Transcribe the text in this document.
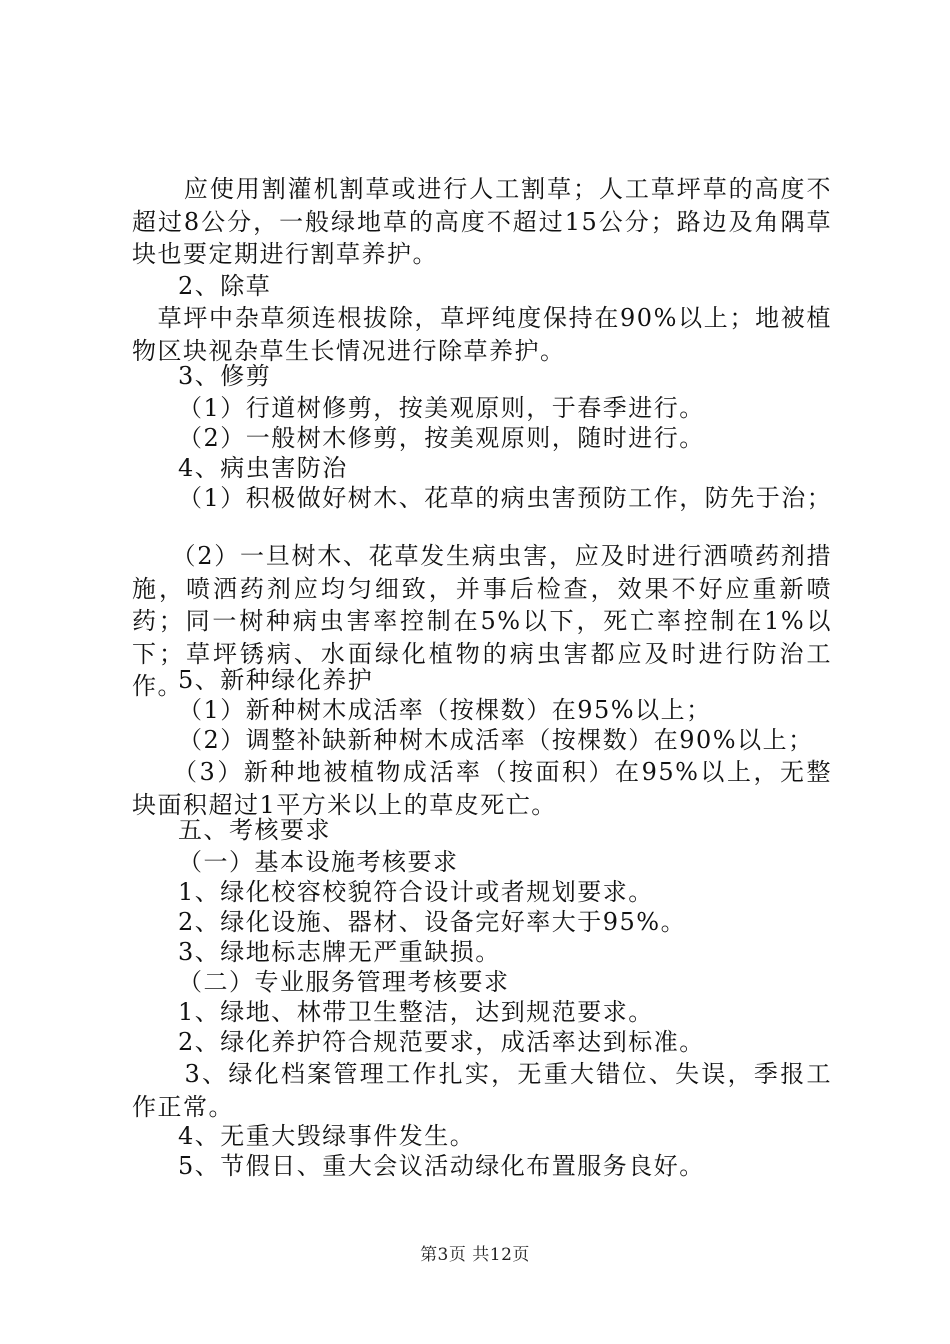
　　应使用割灌机割草或进行人工割草；人工草坪草的高度不超过8公分，一般绿地草的高度不超过15公分；路边及角隅草块也要定期进行割草养护。

2、除草

　草坪中杂草须连根拔除，草坪纯度保持在90%以上；地被植物区块视杂草生长情况进行除草养护。

3、修剪

（1）行道树修剪，按美观原则，于春季进行。

（2）一般树木修剪，按美观原则，随时进行。

4、病虫害防治

（1）积极做好树木、花草的病虫害预防工作，防先于治；

　　（2）一旦树木、花草发生病虫害，应及时进行洒喷药剂措施，喷洒药剂应均匀细致，并事后检查，效果不好应重新喷药；同一树种病虫害率控制在5%以下，死亡率控制在1%以下；草坪锈病、水面绿化植物的病虫害都应及时进行防治工作。

5、新种绿化养护

（1）新种树木成活率（按棵数）在95%以上；

（2）调整补缺新种树木成活率（按棵数）在90%以上；

　　（3）新种地被植物成活率（按面积）在95%以上，无整块面积超过1平方米以上的草皮死亡。

五、考核要求

（一）基本设施考核要求

1、绿化校容校貌符合设计或者规划要求。

2、绿化设施、器材、设备完好率大于95%。

3、绿地标志牌无严重缺损。

（二）专业服务管理考核要求

1、绿地、林带卫生整洁，达到规范要求。

2、绿化养护符合规范要求，成活率达到标准。

　　3、绿化档案管理工作扎实，无重大错位、失误，季报工作正常。

4、无重大毁绿事件发生。

5、节假日、重大会议活动绿化布置服务良好。

第3页 共12页
